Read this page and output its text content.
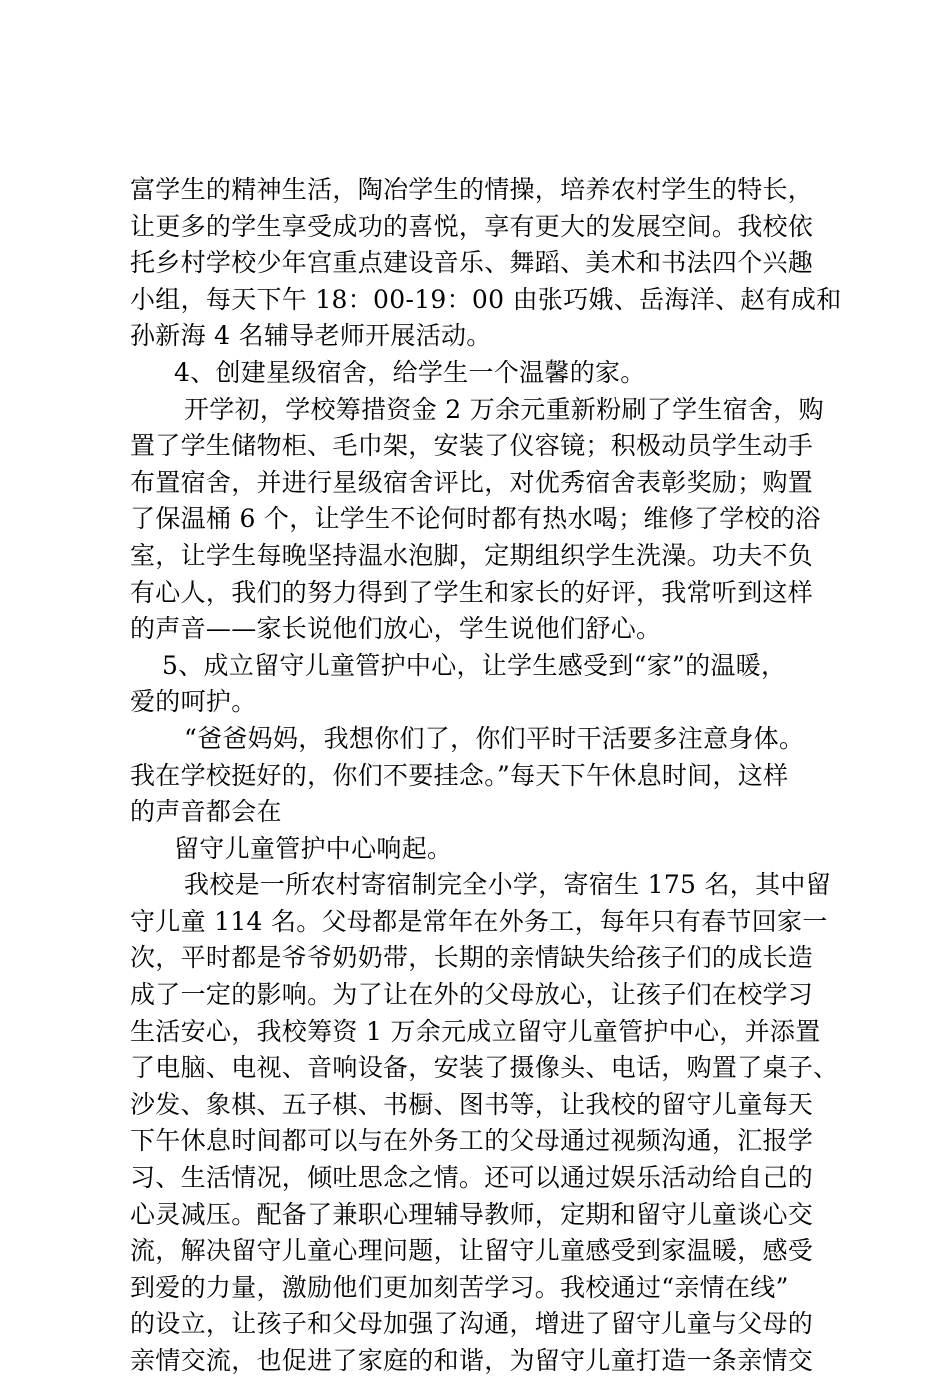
富学生的精神生活，陶冶学生的情操，培养农村学生的特长，
让更多的学生享受成功的喜悦，享有更大的发展空间。我校依
托乡村学校少年宫重点建设音乐、舞蹈、美术和书法四个兴趣
小组，每天下午 18：00-19：00 由张巧娥、岳海洋、赵有成和
孙新海 4 名辅导老师开展活动。
4、创建星级宿舍，给学生一个温馨的家。
开学初，学校筹措资金 2 万余元重新粉刷了学生宿舍，购
置了学生储物柜、毛巾架，安装了仪容镜；积极动员学生动手
布置宿舍，并进行星级宿舍评比，对优秀宿舍表彰奖励；购置
了保温桶 6 个，让学生不论何时都有热水喝；维修了学校的浴
室，让学生每晚坚持温水泡脚，定期组织学生洗澡。功夫不负
有心人，我们的努力得到了学生和家长的好评，我常听到这样
的声音——家长说他们放心，学生说他们舒心。
5、成立留守儿童管护中心，让学生感受到“家”的温暖，
爱的呵护。
“爸爸妈妈，我想你们了，你们平时干活要多注意身体。
我在学校挺好的，你们不要挂念。”每天下午休息时间，这样
的声音都会在
留守儿童管护中心响起。
我校是一所农村寄宿制完全小学，寄宿生 175 名，其中留
守儿童 114 名。父母都是常年在外务工，每年只有春节回家一
次，平时都是爷爷奶奶带，长期的亲情缺失给孩子们的成长造
成了一定的影响。为了让在外的父母放心，让孩子们在校学习
生活安心，我校筹资 1 万余元成立留守儿童管护中心，并添置
了电脑、电视、音响设备，安装了摄像头、电话，购置了桌子、
沙发、象棋、五子棋、书橱、图书等，让我校的留守儿童每天
下午休息时间都可以与在外务工的父母通过视频沟通，汇报学
习、生活情况，倾吐思念之情。还可以通过娱乐活动给自己的
心灵减压。配备了兼职心理辅导教师，定期和留守儿童谈心交
流，解决留守儿童心理问题，让留守儿童感受到家温暖，感受
到爱的力量，激励他们更加刻苦学习。我校通过“亲情在线”
的设立，让孩子和父母加强了沟通，增进了留守儿童与父母的
亲情交流，也促进了家庭的和谐，为留守儿童打造一条亲情交
